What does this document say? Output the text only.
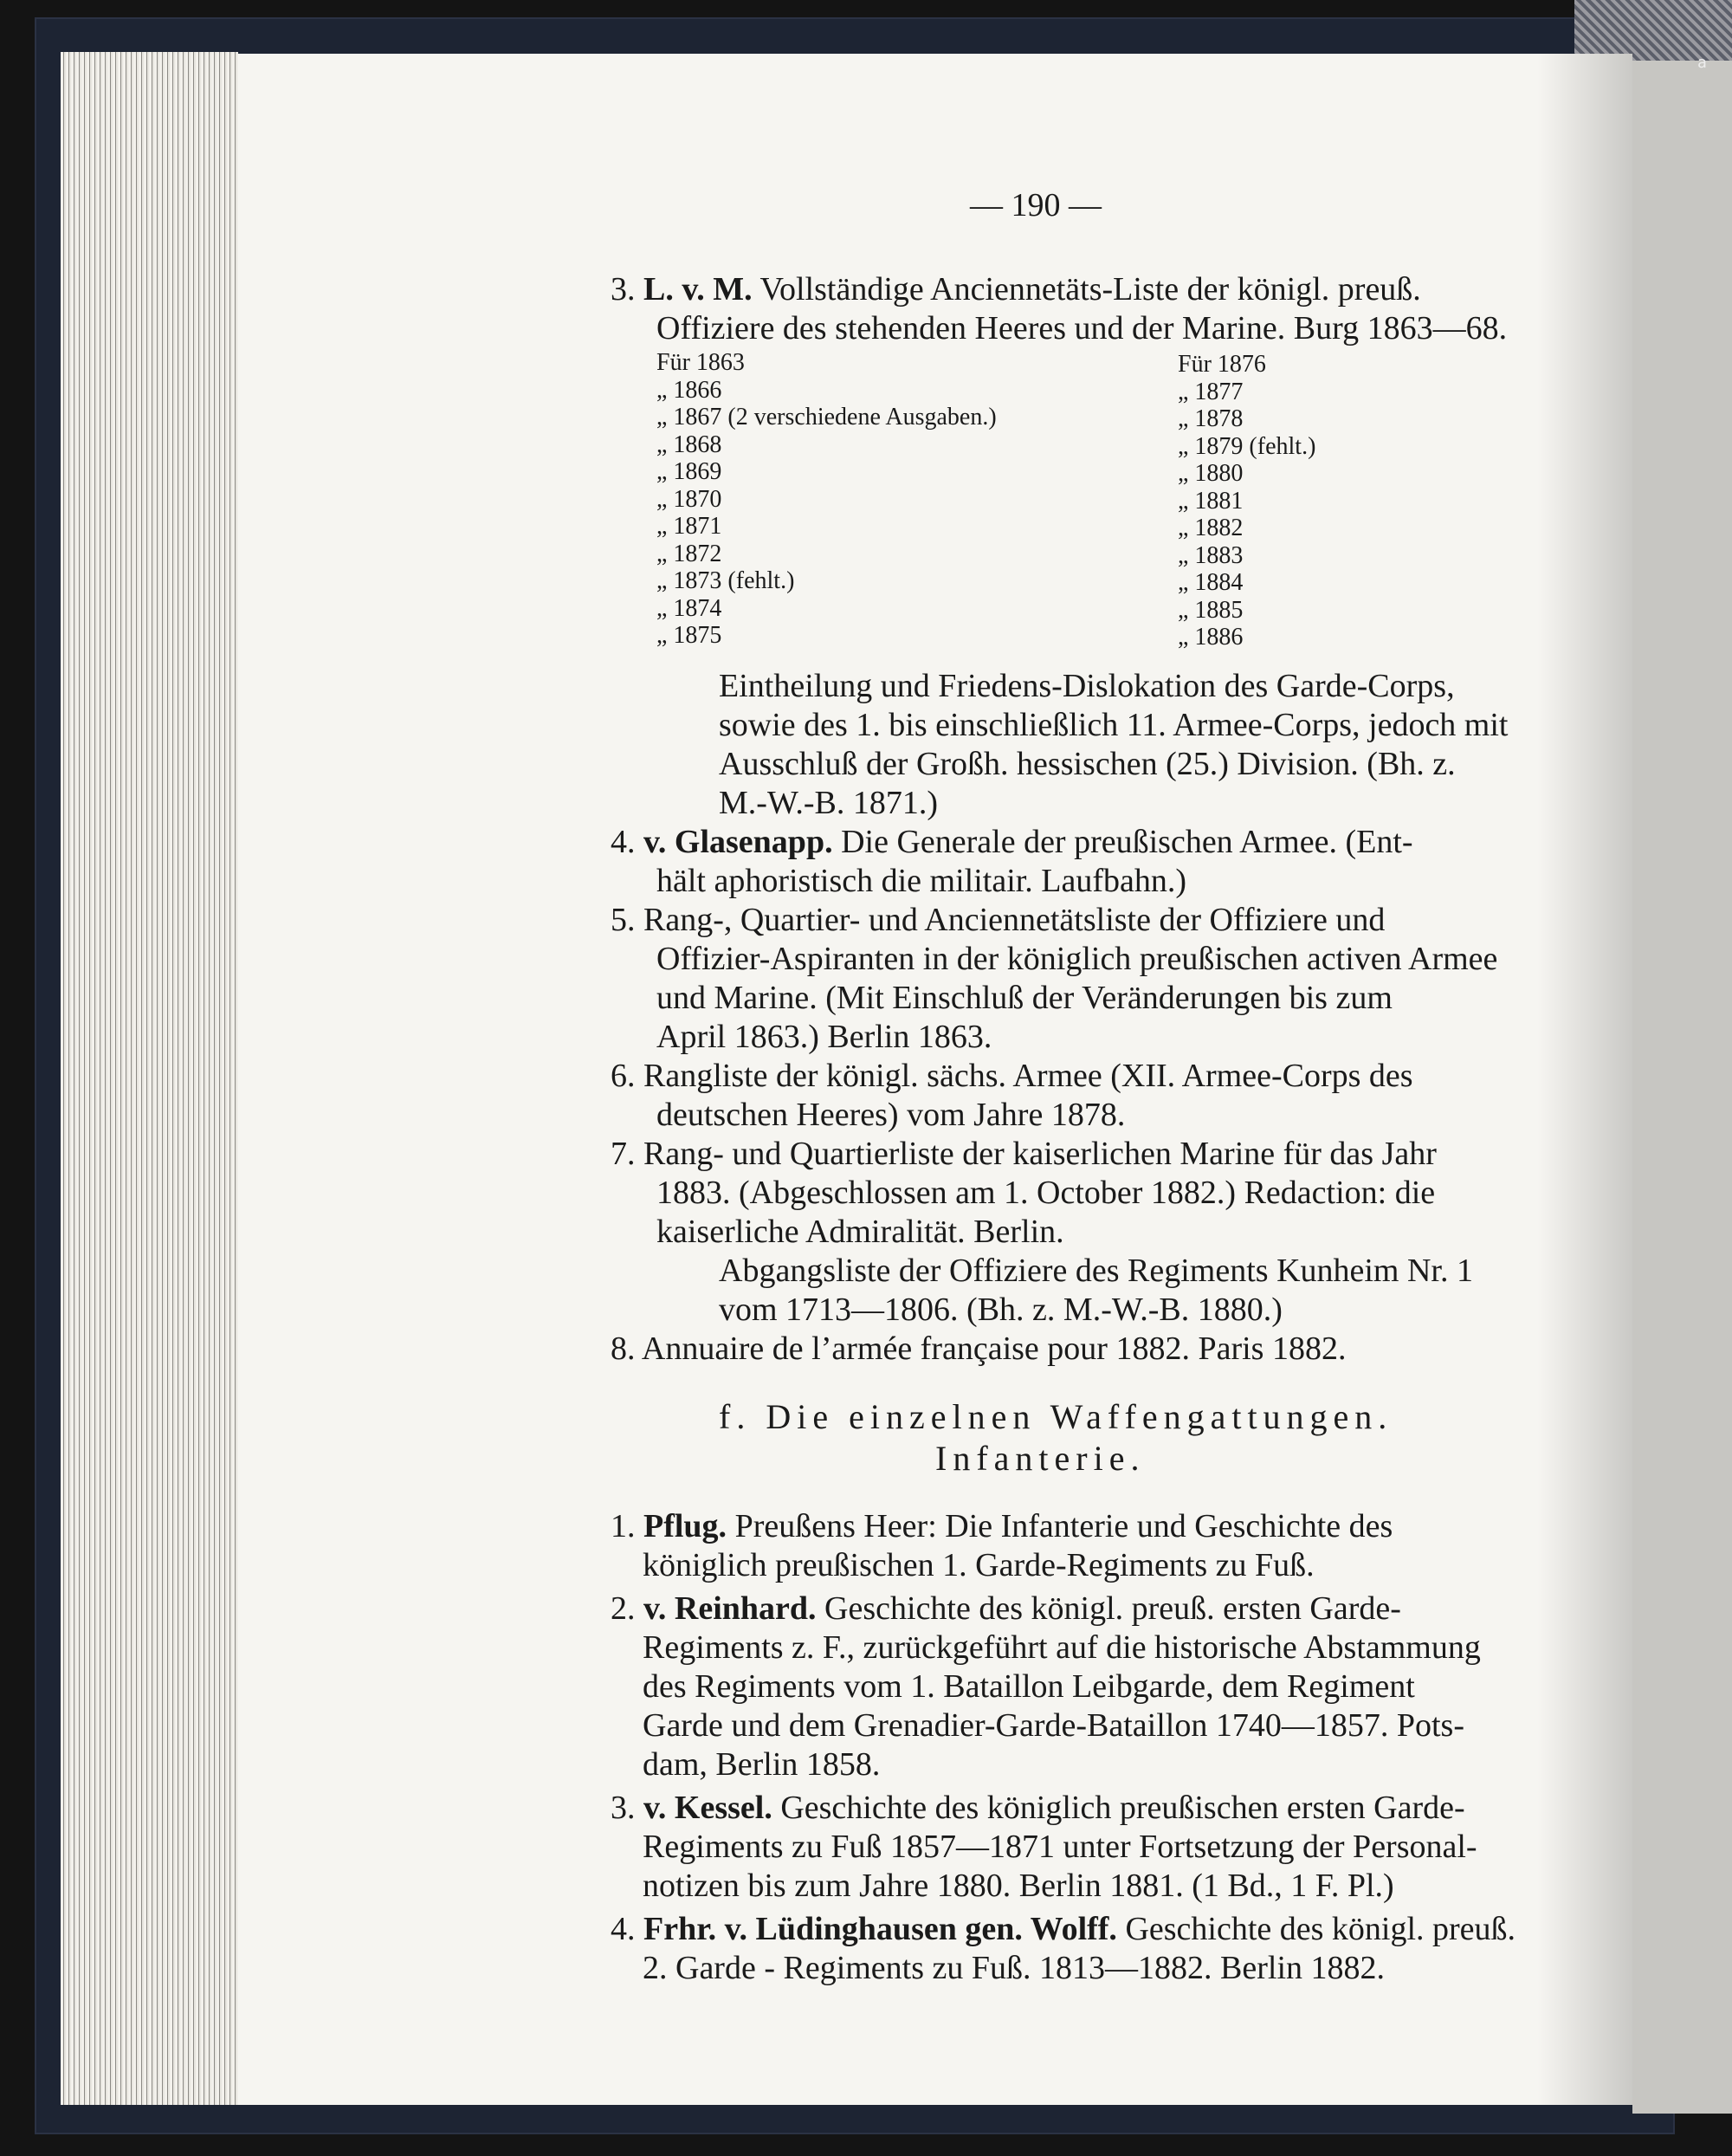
a
— 190 —
3. L. v. M. Vollständige Anciennetäts-Liste der königl. preuß.
Offiziere des stehenden Heeres und der Marine. Burg 1863—68.
Für 1863
„ 1866
„ 1867 (2 verschiedene Ausgaben.)
„ 1868
„ 1869
„ 1870
„ 1871
„ 1872
„ 1873 (fehlt.)
„ 1874
„ 1875
Für 1876
„ 1877
„ 1878
„ 1879 (fehlt.)
„ 1880
„ 1881
„ 1882
„ 1883
„ 1884
„ 1885
„ 1886
Eintheilung und Friedens-Dislokation des Garde-Corps,
sowie des 1. bis einschließlich 11. Armee-Corps, jedoch mit
Ausschluß der Großh. hessischen (25.) Division. (Bh. z.
M.-W.-B. 1871.)
4. v. Glasenapp. Die Generale der preußischen Armee. (Ent-
hält aphoristisch die militair. Laufbahn.)
5. Rang-, Quartier- und Anciennetätsliste der Offiziere und
Offizier-Aspiranten in der königlich preußischen activen Armee
und Marine. (Mit Einschluß der Veränderungen bis zum
April 1863.) Berlin 1863.
6. Rangliste der königl. sächs. Armee (XII. Armee-Corps des
deutschen Heeres) vom Jahre 1878.
7. Rang- und Quartierliste der kaiserlichen Marine für das Jahr
1883. (Abgeschlossen am 1. October 1882.) Redaction: die
kaiserliche Admiralität. Berlin.
Abgangsliste der Offiziere des Regiments Kunheim Nr. 1
vom 1713—1806. (Bh. z. M.-W.-B. 1880.)
8. Annuaire de l’armée française pour 1882. Paris 1882.
f. Die einzelnen Waffengattungen.
Infanterie.
1. Pflug. Preußens Heer: Die Infanterie und Geschichte des
königlich preußischen 1. Garde-Regiments zu Fuß.
2. v. Reinhard. Geschichte des königl. preuß. ersten Garde-
Regiments z. F., zurückgeführt auf die historische Abstammung
des Regiments vom 1. Bataillon Leibgarde, dem Regiment
Garde und dem Grenadier-Garde-Bataillon 1740—1857. Pots-
dam, Berlin 1858.
3. v. Kessel. Geschichte des königlich preußischen ersten Garde-
Regiments zu Fuß 1857—1871 unter Fortsetzung der Personal-
notizen bis zum Jahre 1880. Berlin 1881. (1 Bd., 1 F. Pl.)
4. Frhr. v. Lüdinghausen gen. Wolff. Geschichte des königl. preuß.
2. Garde - Regiments zu Fuß. 1813—1882. Berlin 1882.
